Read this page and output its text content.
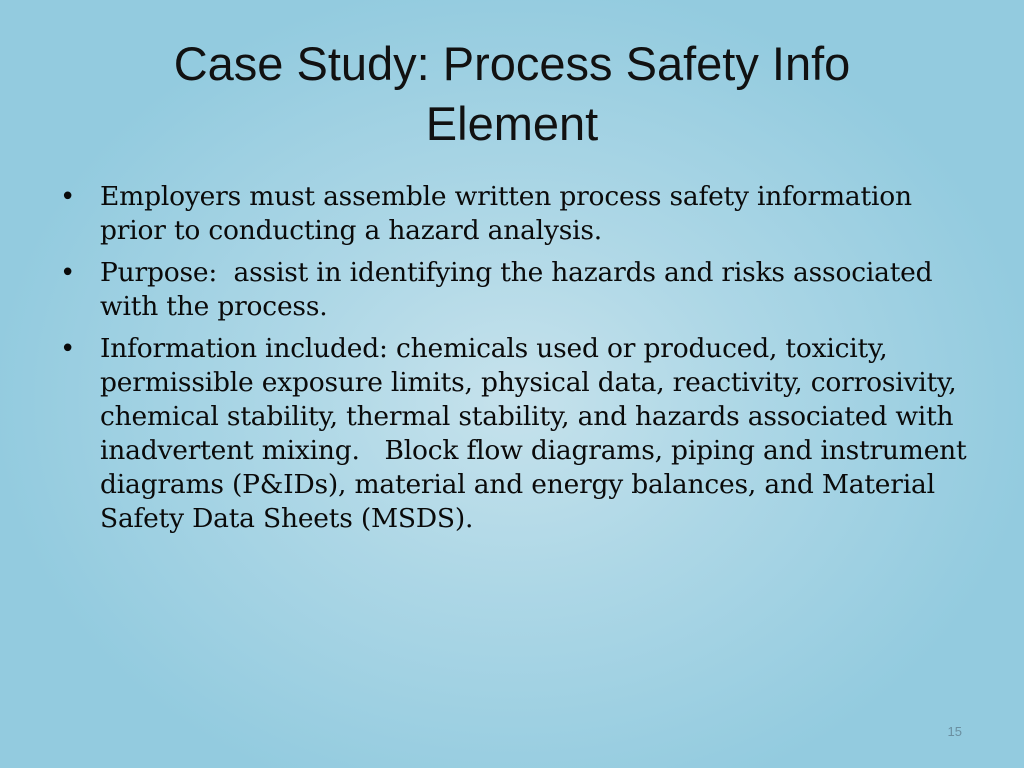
Case Study: Process Safety Info
Element
• Employers must assemble written process safety information prior to conducting a hazard analysis.
• Purpose:  assist in identifying the hazards and risks associated with the process.
• Information included: chemicals used or produced, toxicity, permissible exposure limits, physical data, reactivity, corrosivity, chemical stability, thermal stability, and hazards associated with inadvertent mixing.   Block flow diagrams, piping and instrument diagrams (P&IDs), material and energy balances, and Material Safety Data Sheets (MSDS).
15
